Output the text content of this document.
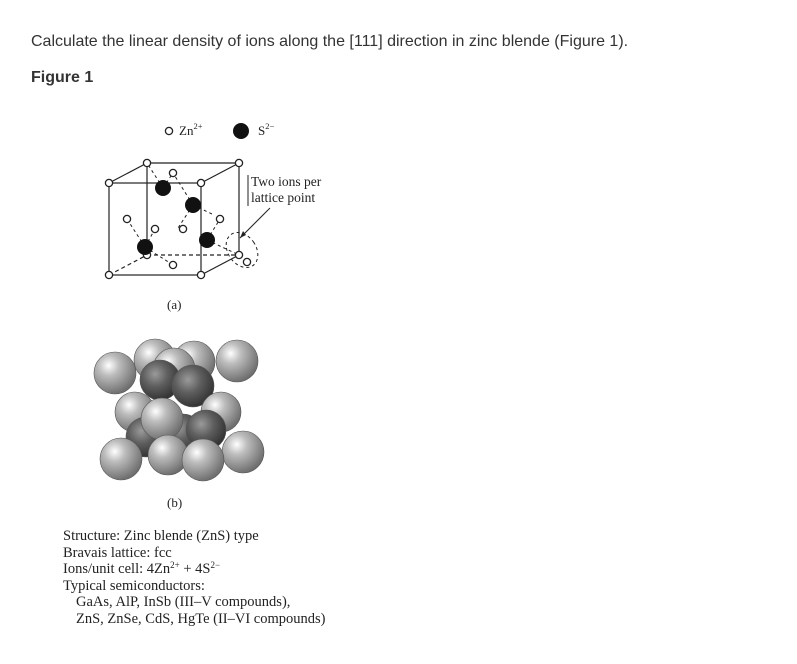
Calculate the linear density of ions along the [111] direction in zinc blende (Figure 1).
Figure 1
$Zn^{2+}$	$S^{2-}$
Two ions per
lattice point
(a)
(b)
Structure: Zinc blende (ZnS) type
Bravais lattice: fcc
Ions/unit cell: $4Zn^{2+} + 4S^{2-}$
Typical semiconductors:
GaAs, AlP, InSb (III–V compounds),
ZnS, ZnSe, CdS, HgTe (II–VI compounds)
